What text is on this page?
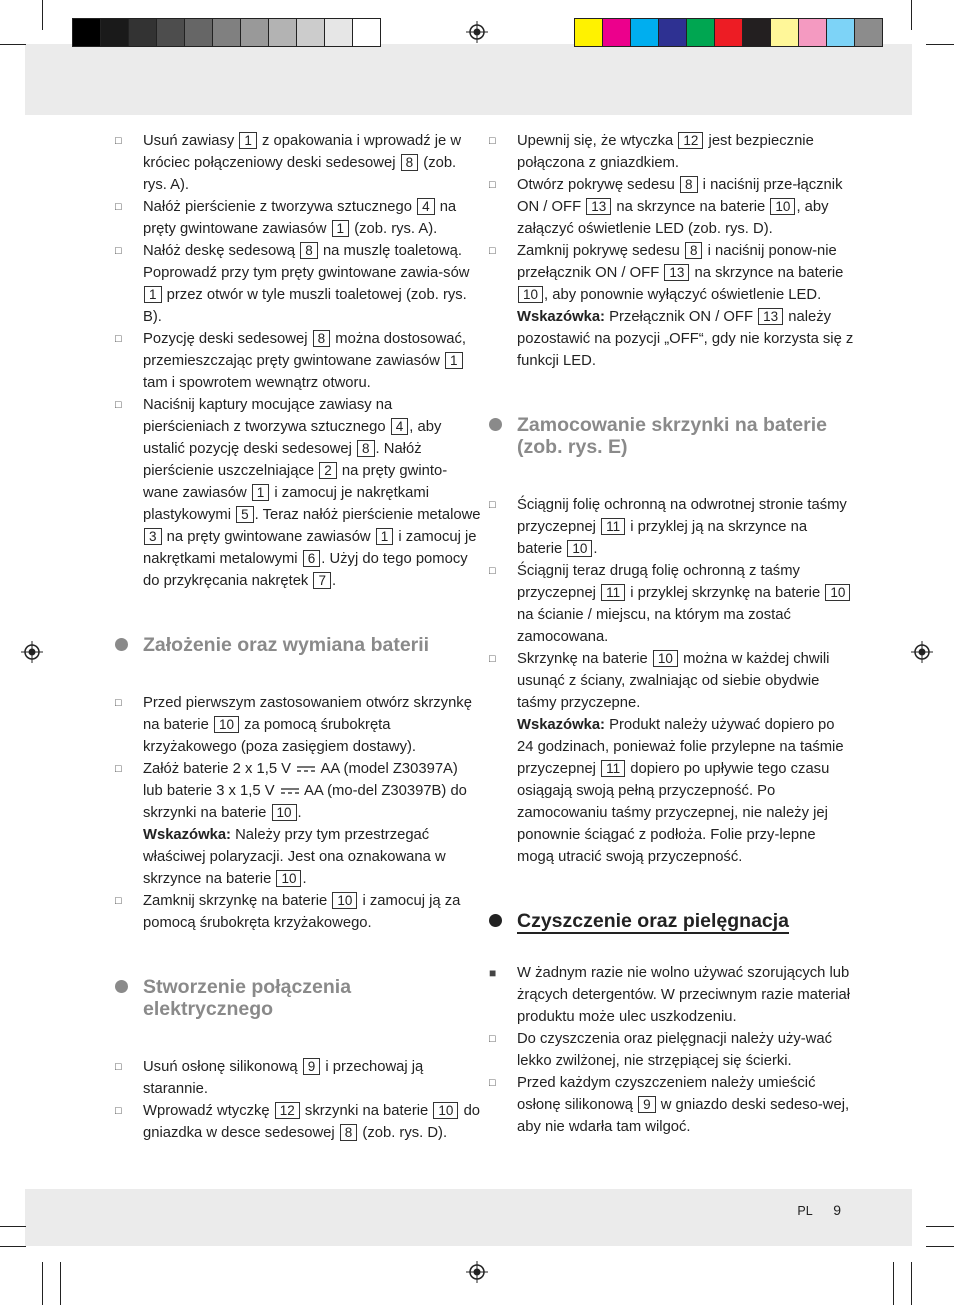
□ Usuń zawiasy 1 z opakowania i wprowadź je w króciec połączeniowy deski sedesowej 8 (zob. rys. A).
□ Nałóż pierścienie z tworzywa sztucznego 4 na pręty gwintowane zawiasów 1 (zob. rys. A).
□ Nałóż deskę sedesową 8 na muszlę toaletową. Poprowadź przy tym pręty gwintowane zawia-sów 1 przez otwór w tyle muszli toaletowej (zob. rys. B).
□ Pozycję deski sedesowej 8 można dostosować, przemieszczając pręty gwintowane zawiasów 1 tam i spowrotem wewnątrz otworu.
□ Naciśnij kaptury mocujące zawiasy na pierścieniach z tworzywa sztucznego 4 , aby ustalić pozycję deski sedesowej 8 . Nałóż pierścienie uszczelniające 2 na pręty gwinto-wane zawiasów 1 i zamocuj je nakrętkami plastykowymi 5 . Teraz nałóż pierścienie metalowe 3 na pręty gwintowane zawiasów 1 i zamocuj je nakrętkami metalowymi 6 . Użyj do tego pomocy do przykręcania nakrętek 7 .
Założenie oraz wymiana baterii
□ Przed pierwszym zastosowaniem otwórz skrzynkę na baterie 10 za pomocą śrubokręta krzyżakowego (poza zasięgiem dostawy).
□ Załóż baterie 2 x 1,5 V AA (model Z30397A) lub baterie 3 x 1,5 V AA (mo-del Z30397B) do skrzynki na baterie 10 .
Wskazówka: Należy przy tym przestrzegać właściwej polaryzacji. Jest ona oznakowana w skrzynce na baterie 10 .
□ Zamknij skrzynkę na baterie 10 i zamocuj ją za pomocą śrubokręta krzyżakowego.
Stworzenie połączenia elektrycznego
□ Usuń osłonę silikonową 9 i przechowaj ją starannie.
□ Wprowadź wtyczkę 12 skrzynki na baterie 10 do gniazdka w desce sedesowej 8 (zob. rys. D).
□ Upewnij się, że wtyczka 12 jest bezpiecznie połączona z gniazdkiem.
□ Otwórz pokrywę sedesu 8 i naciśnij prze-łącznik ON / OFF 13 na skrzynce na baterie 10 , aby załączyć oświetlenie LED (zob. rys. D).
□ Zamknij pokrywę sedesu 8 i naciśnij ponow-nie przełącznik ON / OFF 13 na skrzynce na baterie 10 , aby ponownie wyłączyć oświetlenie LED.
Wskazówka: Przełącznik ON / OFF 13 należy pozostawić na pozycji „OFF“, gdy nie korzysta się z funkcji LED.
Zamocowanie skrzynki na baterie (zob. rys. E)
□ Ściągnij folię ochronną na odwrotnej stronie taśmy przyczepnej 11 i przyklej ją na skrzynce na baterie 10 .
□ Ściągnij teraz drugą folię ochronną z taśmy przyczepnej 11 i przyklej skrzynkę na baterie 10 na ścianie / miejscu, na którym ma zostać zamocowana.
□ Skrzynkę na baterie 10 można w każdej chwili usunąć z ściany, zwalniając od siebie obydwie taśmy przyczepne.
Wskazówka: Produkt należy używać dopiero po 24 godzinach, ponieważ folie przylepne na taśmie przyczepnej 11 dopiero po upływie tego czasu osiągają swoją pełną przyczepność. Po zamocowaniu taśmy przyczepnej, nie należy jej ponownie ściągać z podłoża. Folie przy-lepne mogą utracić swoją przyczepność.
Czyszczenie oraz pielęgnacja
■ W żadnym razie nie wolno używać szorujących lub żrących detergentów. W przeciwnym razie materiał produktu może ulec uszkodzeniu.
□ Do czyszczenia oraz pielęgnacji należy uży-wać lekko zwilżonej, nie strzępiącej się ścierki.
□ Przed każdym czyszczeniem należy umieścić osłonę silikonową 9 w gniazdo deski sedeso-wej, aby nie wdarła tam wilgoć.
PL 9
